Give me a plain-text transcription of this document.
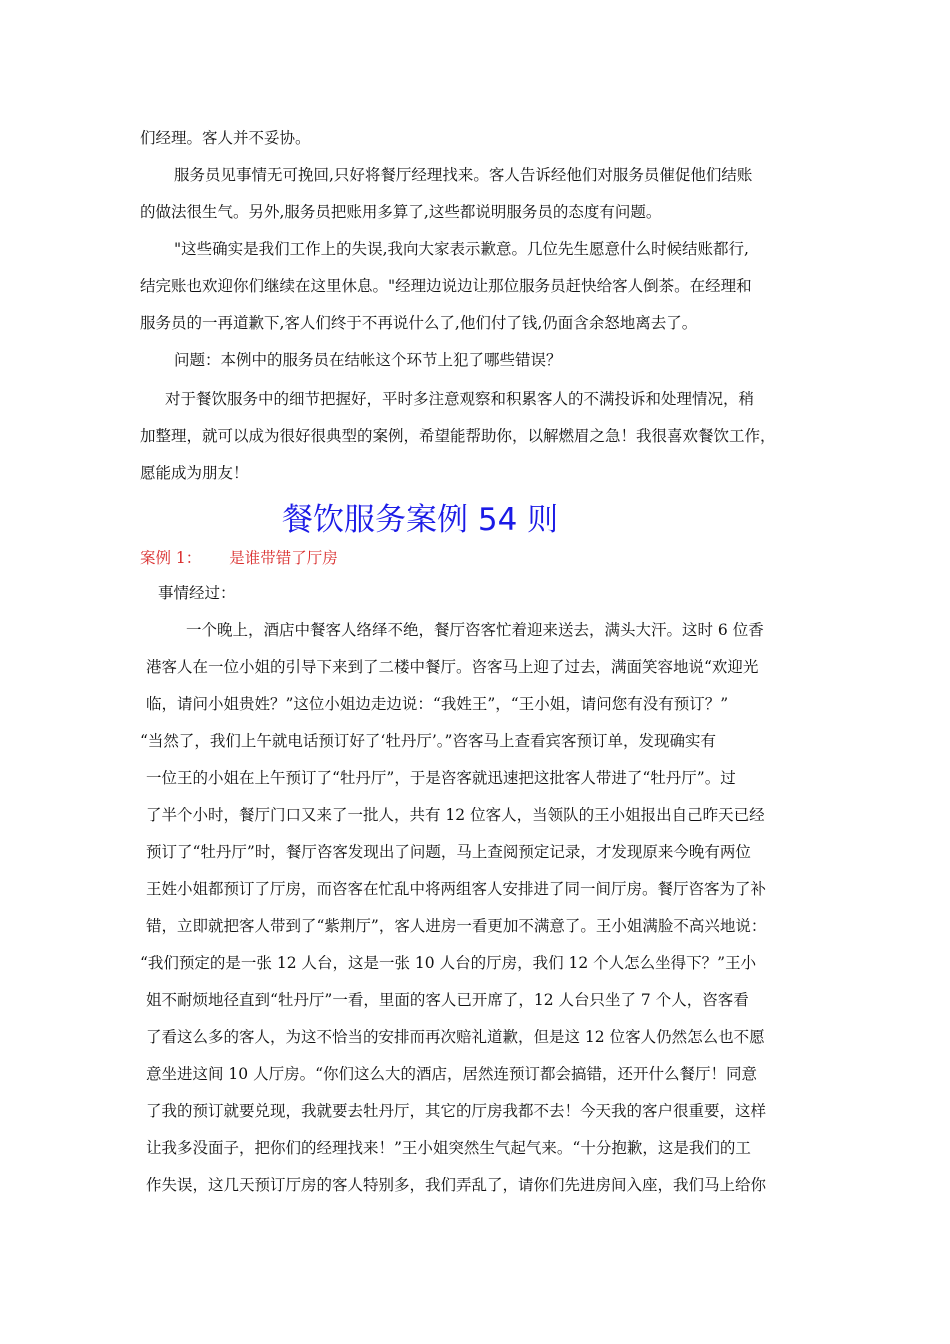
们经理。客人并不妥协。
服务员见事情无可挽回,只好将餐厅经理找来。客人告诉经他们对服务员催促他们结账
的做法很生气。另外,服务员把账用多算了,这些都说明服务员的态度有问题。
"这些确实是我们工作上的失误,我向大家表示歉意。几位先生愿意什么时候结账都行,
结完账也欢迎你们继续在这里休息。"经理边说边让那位服务员赶快给客人倒茶。在经理和
服务员的一再道歉下,客人们终于不再说什么了,他们付了钱,仍面含余怒地离去了。
问题：本例中的服务员在结帐这个环节上犯了哪些错误？
对于餐饮服务中的细节把握好，平时多注意观察和积累客人的不满投诉和处理情况，稍
加整理，就可以成为很好很典型的案例，希望能帮助你，以解燃眉之急！我很喜欢餐饮工作，
愿能成为朋友！
餐饮服务案例 54 则
案例 1： 是谁带错了厅房
事情经过：
一个晚上，酒店中餐客人络绎不绝，餐厅咨客忙着迎来送去，满头大汗。这时 6 位香
港客人在一位小姐的引导下来到了二楼中餐厅。咨客马上迎了过去，满面笑容地说“欢迎光
临，请问小姐贵姓？”这位小姐边走边说：“我姓王”，“王小姐，请问您有没有预订？”
“当然了，我们上午就电话预订好了‘牡丹厅’。”咨客马上查看宾客预订单，发现确实有
一位王的小姐在上午预订了“牡丹厅”，于是咨客就迅速把这批客人带进了“牡丹厅”。过
了半个小时，餐厅门口又来了一批人，共有 12 位客人，当领队的王小姐报出自己昨天已经
预订了“牡丹厅”时，餐厅咨客发现出了问题，马上查阅预定记录，才发现原来今晚有两位
王姓小姐都预订了厅房，而咨客在忙乱中将两组客人安排进了同一间厅房。餐厅咨客为了补
错，立即就把客人带到了“紫荆厅”，客人进房一看更加不满意了。王小姐满脸不高兴地说：
“我们预定的是一张 12 人台，这是一张 10 人台的厅房，我们 12 个人怎么坐得下？”王小
姐不耐烦地径直到“牡丹厅”一看，里面的客人已开席了，12 人台只坐了 7 个人，咨客看
了看这么多的客人，为这不恰当的安排而再次赔礼道歉，但是这 12 位客人仍然怎么也不愿
意坐进这间 10 人厅房。“你们这么大的酒店，居然连预订都会搞错，还开什么餐厅！同意
了我的预订就要兑现，我就要去牡丹厅，其它的厅房我都不去！今天我的客户很重要，这样
让我多没面子，把你们的经理找来！”王小姐突然生气起气来。“十分抱歉，这是我们的工
作失误，这几天预订厅房的客人特别多，我们弄乱了，请你们先进房间入座，我们马上给你
